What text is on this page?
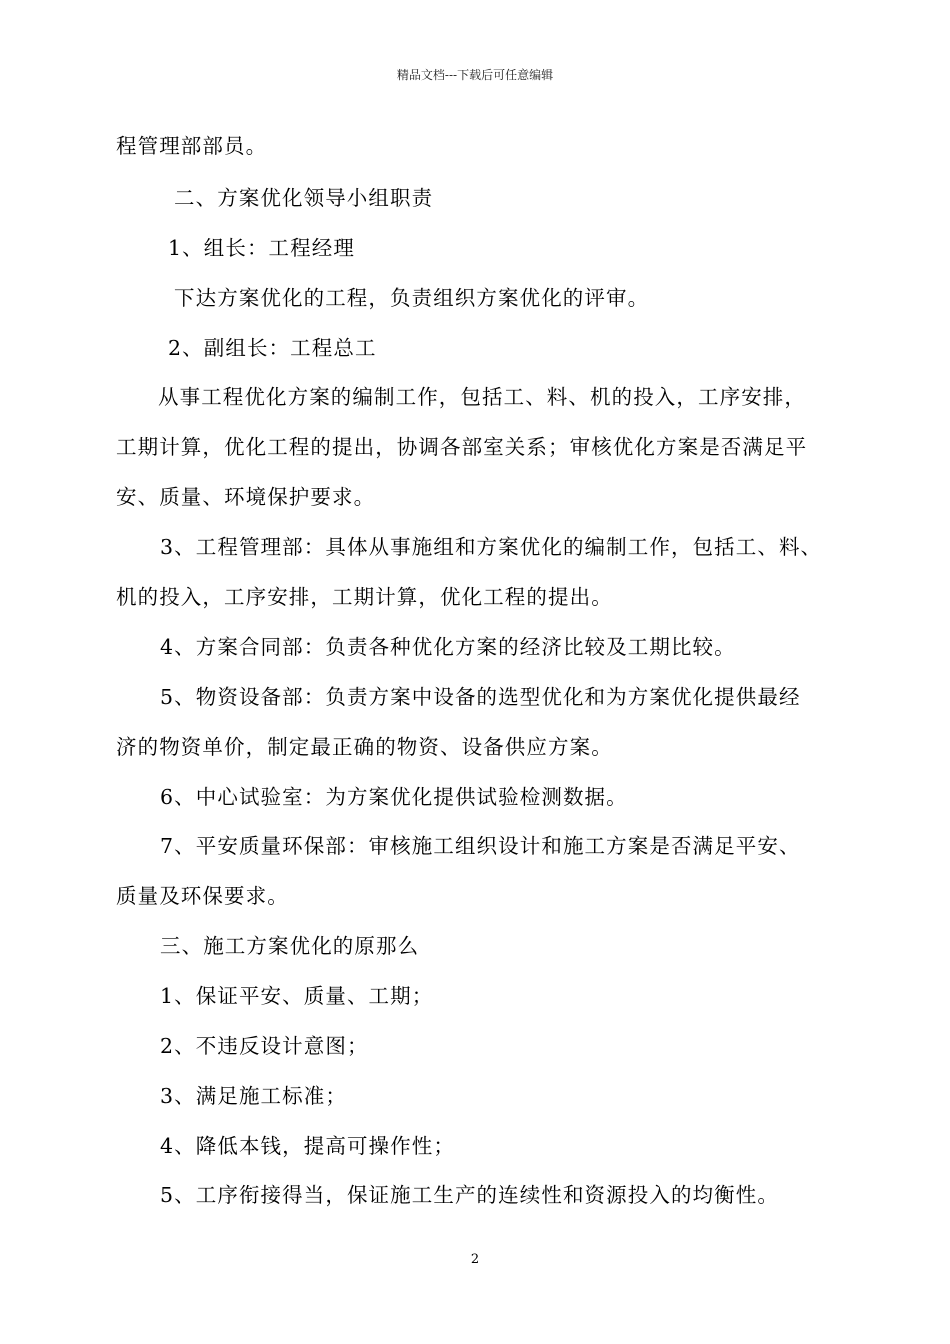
精品文档---下载后可任意编辑
程管理部部员。
二、方案优化领导小组职责
1、组长：工程经理
下达方案优化的工程，负责组织方案优化的评审。
2、副组长：工程总工
从事工程优化方案的编制工作，包括工、料、机的投入，工序安排，
工期计算，优化工程的提出，协调各部室关系；审核优化方案是否满足平
安、质量、环境保护要求。
3、工程管理部：具体从事施组和方案优化的编制工作，包括工、料、
机的投入，工序安排，工期计算，优化工程的提出。
4、方案合同部：负责各种优化方案的经济比较及工期比较。
5、物资设备部：负责方案中设备的选型优化和为方案优化提供最经
济的物资单价，制定最正确的物资、设备供应方案。
6、中心试验室：为方案优化提供试验检测数据。
7、平安质量环保部：审核施工组织设计和施工方案是否满足平安、
质量及环保要求。
三、施工方案优化的原那么
1、保证平安、质量、工期；
2、不违反设计意图；
3、满足施工标准；
4、降低本钱，提高可操作性；
5、工序衔接得当，保证施工生产的连续性和资源投入的均衡性。
2
